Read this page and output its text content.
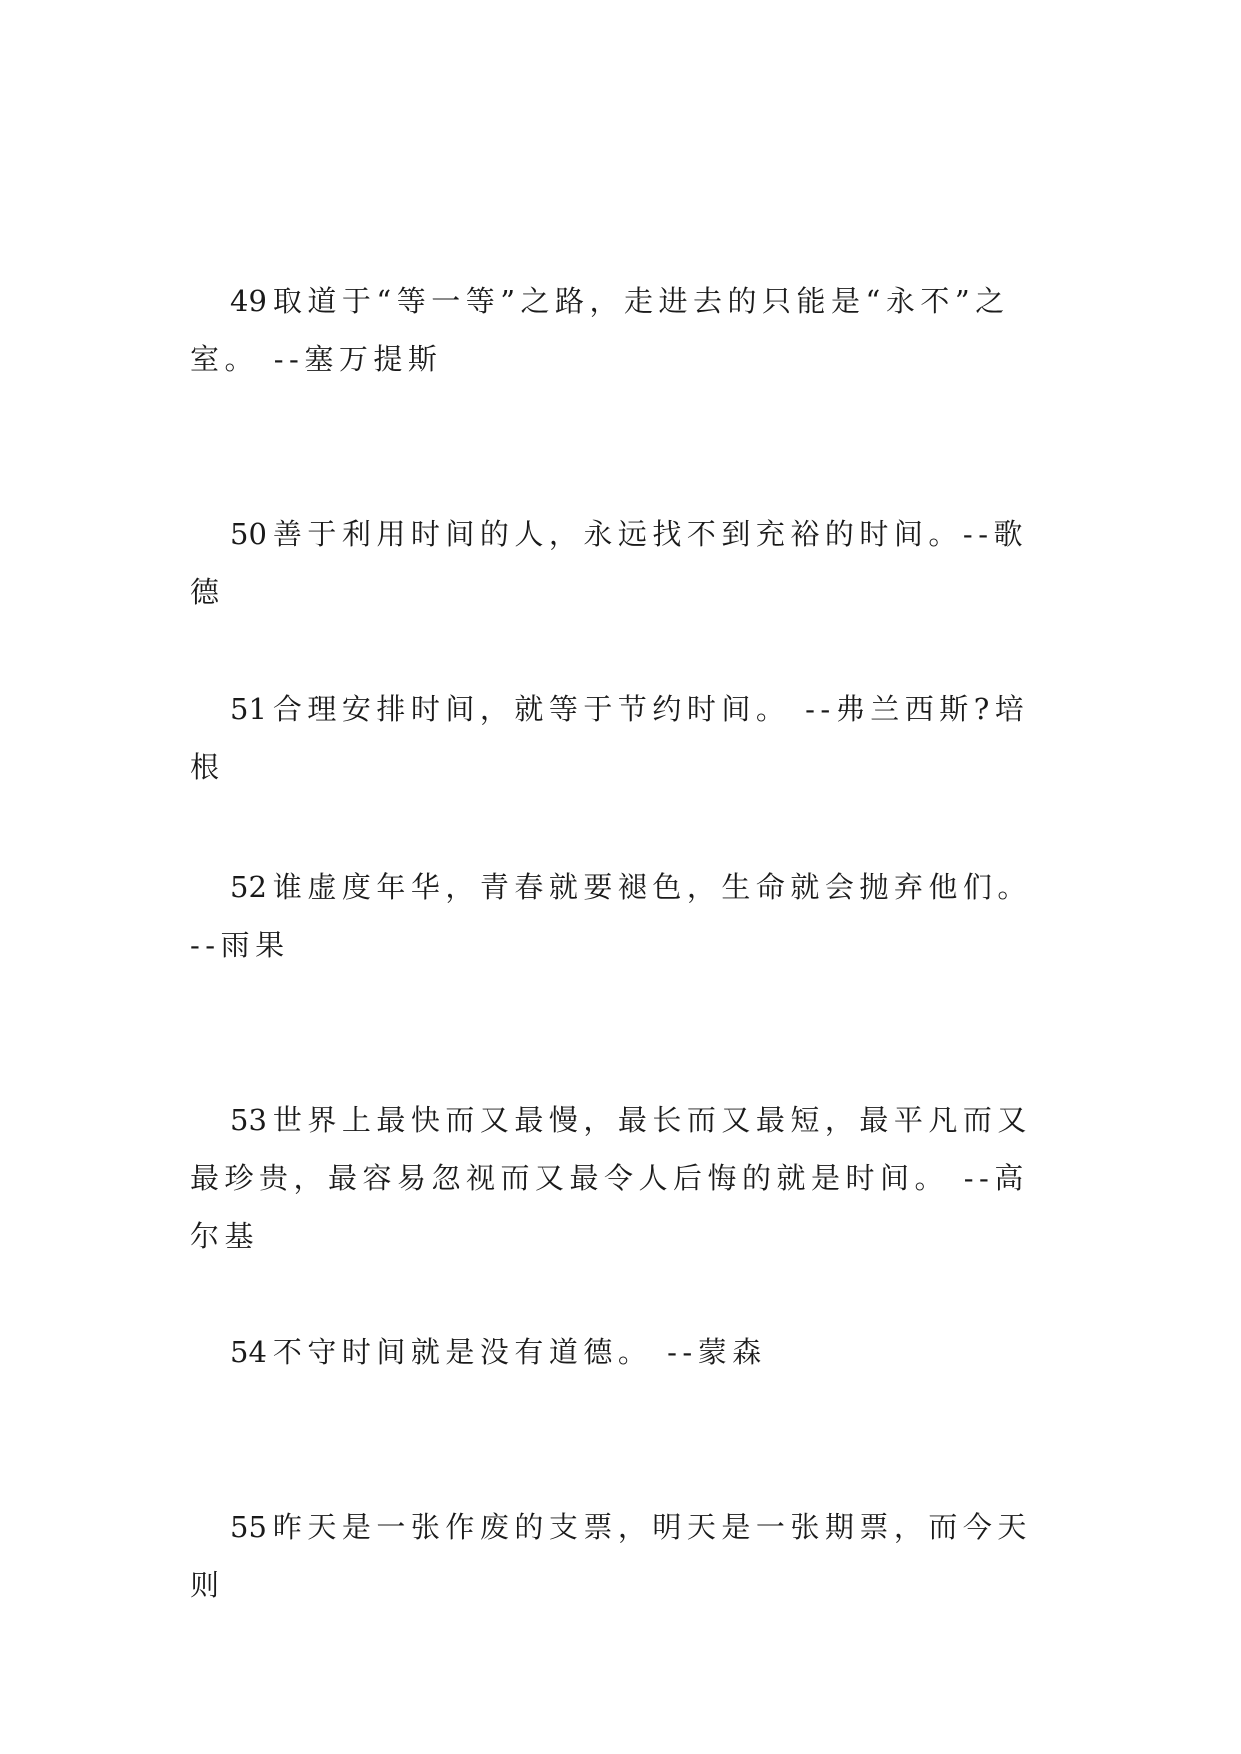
49 取道于“等一等”之路，走进去的只能是“永不”之室。 --塞万提斯

50 善于利用时间的人，永远找不到充裕的时间。--歌德

51 合理安排时间，就等于节约时间。 --弗兰西斯?培根

52 谁虚度年华，青春就要褪色，生命就会抛弃他们。 --雨果

53 世界上最快而又最慢，最长而又最短，最平凡而又最珍贵，最容易忽视而又最令人后悔的就是时间。 --高尔基

54 不守时间就是没有道德。 --蒙森

55 昨天是一张作废的支票，明天是一张期票，而今天则
